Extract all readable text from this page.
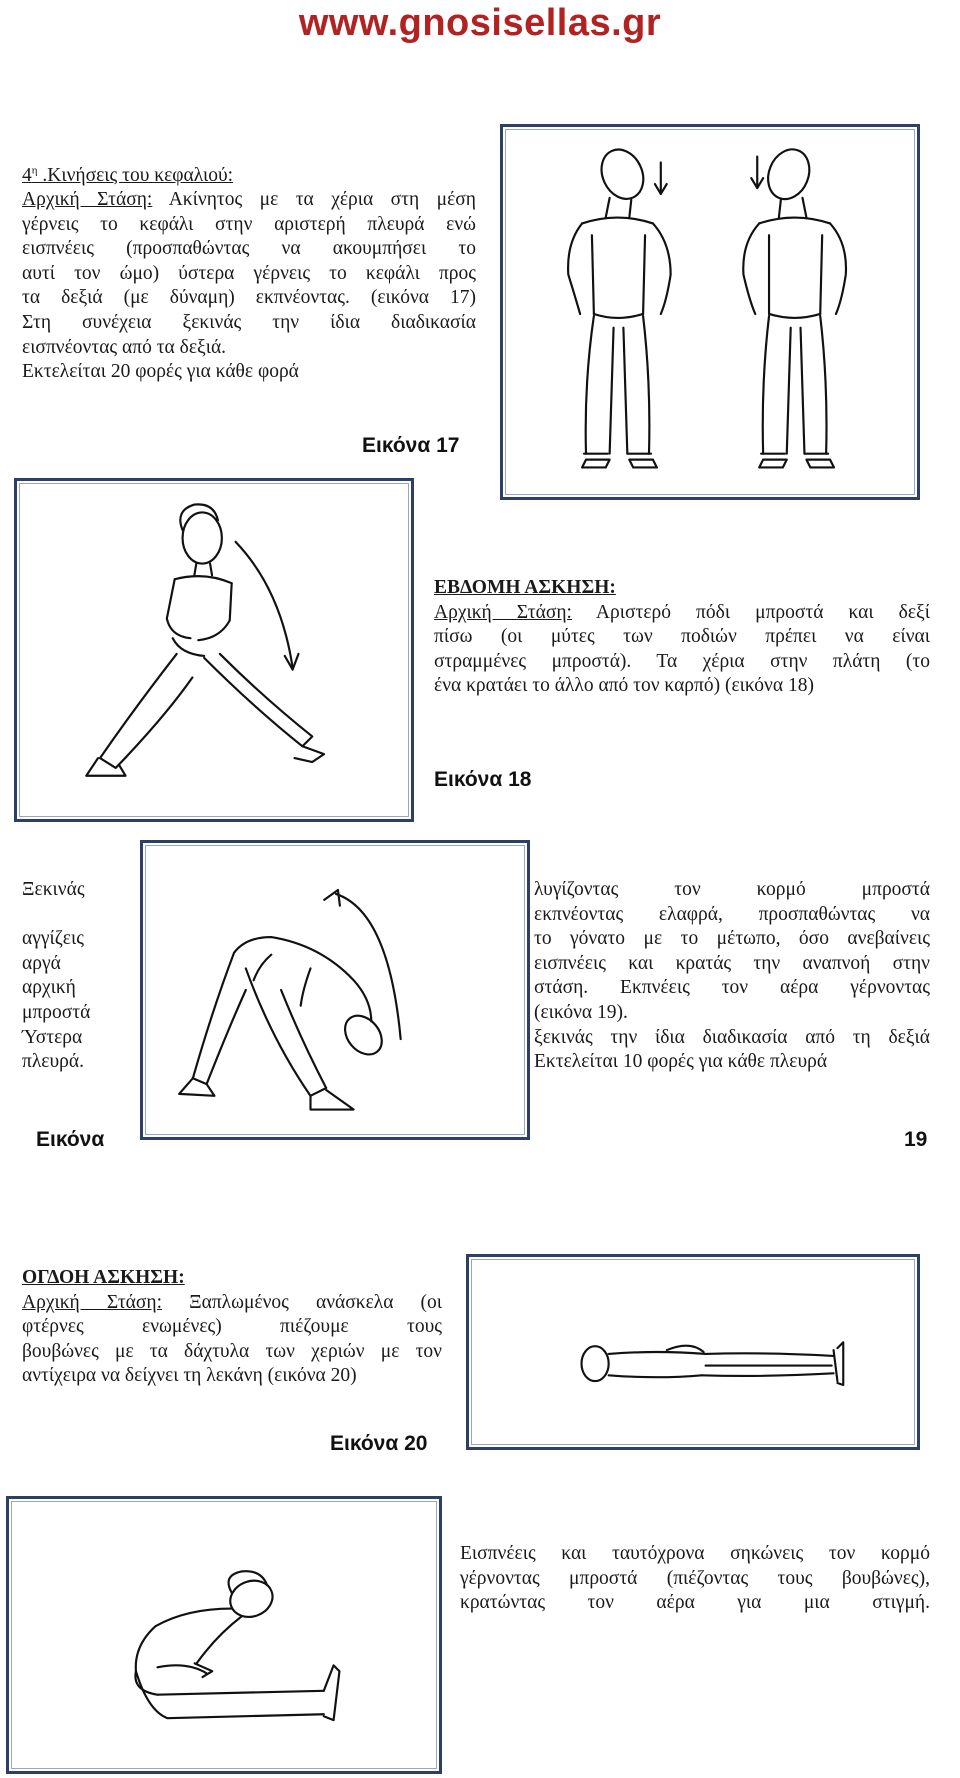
www.gnosisellas.gr
$4^\eta$ .Κινήσεις του κεφαλιού:
Αρχική Στάση: Ακίνητος με τα χέρια στη μέση
γέρνεις το κεφάλι στην αριστερή πλευρά ενώ
εισπνέεις (προσπαθώντας να ακουμπήσει το
αυτί τον ώμο) ύστερα γέρνεις το κεφάλι προς
τα δεξιά (με δύναμη) εκπνέοντας. (εικόνα 17)
Στη συνέχεια ξεκινάς την ίδια διαδικασία
εισπνέοντας από τα δεξιά.
Εκτελείται 20 φορές για κάθε φορά
Εικόνα 17
ΕΒΔΟΜΗ ΑΣΚΗΣΗ:
Αρχική Στάση: Αριστερό πόδι μπροστά και δεξί
πίσω (οι μύτες των ποδιών πρέπει να είναι
στραμμένες μπροστά). Τα χέρια στην πλάτη (το
ένα κρατάει το άλλο από τον καρπό) (εικόνα 18)
Εικόνα 18
Ξεκινάς

αγγίζεις
αργά
αρχική
μπροστά
Ύστερα
πλευρά.
λυγίζοντας τον κορμό μπροστά
εκπνέοντας ελαφρά, προσπαθώντας να
το γόνατο με το μέτωπο, όσο ανεβαίνεις
εισπνέεις και κρατάς την αναπνοή στην
στάση. Εκπνέεις τον αέρα γέρνοντας
(εικόνα 19).
ξεκινάς την ίδια διαδικασία από τη δεξιά
Εκτελείται 10 φορές για κάθε πλευρά
Εικόνα	19
ΟΓΔΟΗ ΑΣΚΗΣΗ:
Αρχική Στάση: Ξαπλωμένος ανάσκελα (οι
φτέρνες ενωμένες) πιέζουμε τους
βουβώνες με τα δάχτυλα των χεριών με τον
αντίχειρα να δείχνει τη λεκάνη (εικόνα 20)
Εικόνα 20
Εισπνέεις και ταυτόχρονα σηκώνεις τον κορμό
γέρνοντας μπροστά (πιέζοντας τους βουβώνες),
κρατώντας τον αέρα για μια στιγμή.
